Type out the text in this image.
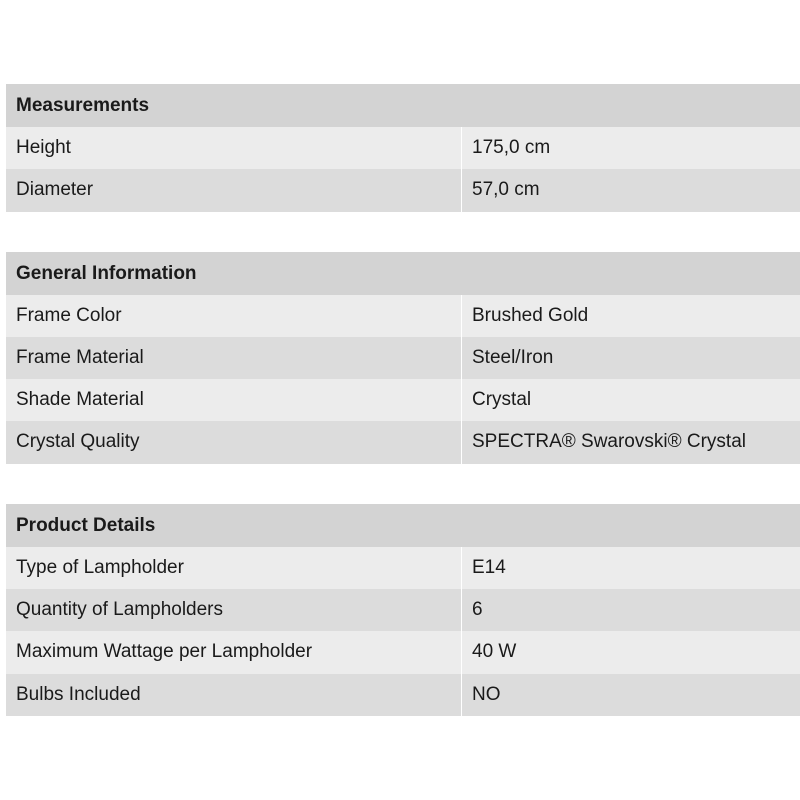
Measurements
Height	175,0 cm
Diameter	57,0 cm
General Information
Frame Color	Brushed Gold
Frame Material	Steel/Iron
Shade Material	Crystal
Crystal Quality	SPECTRA® Swarovski® Crystal
Product Details
Type of Lampholder	E14
Quantity of Lampholders	6
Maximum Wattage per Lampholder	40 W
Bulbs Included	NO
